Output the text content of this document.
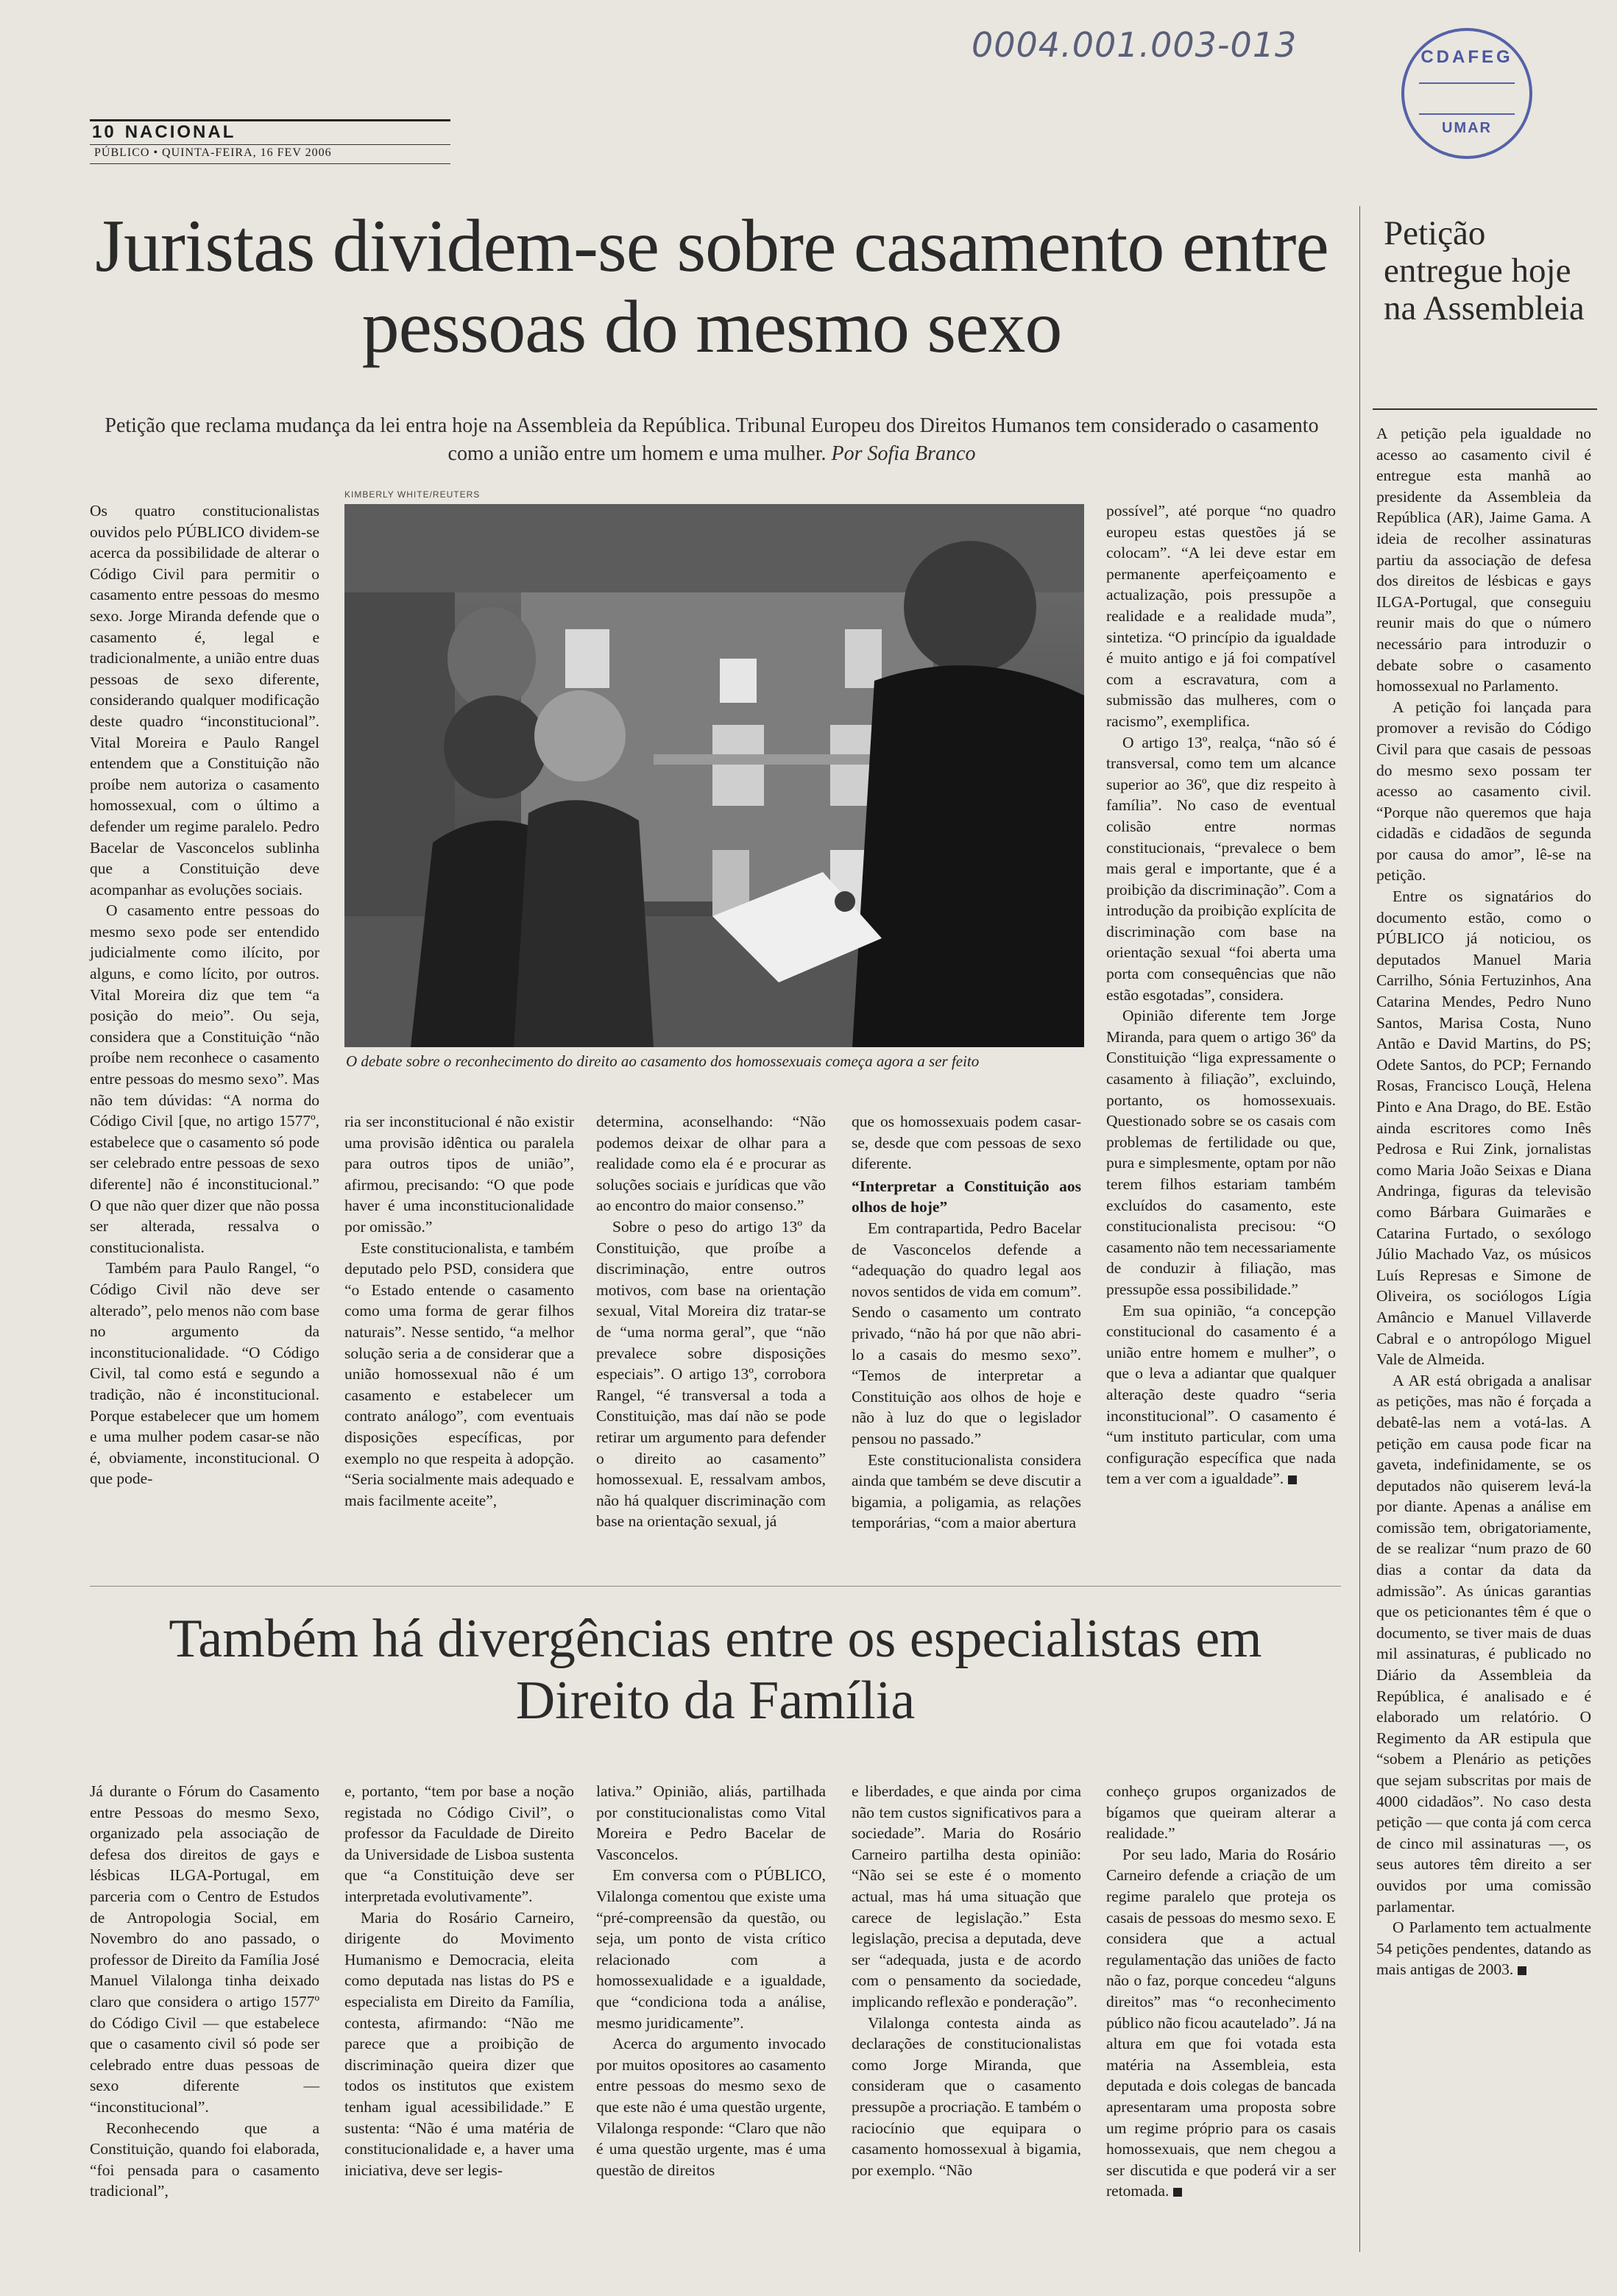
0004.001.003-013	CDAFEG
UMAR
10 NACIONAL
PÚBLICO • QUINTA-FEIRA, 16 FEV 2006
Juristas dividem-se sobre casamento entre pessoas do mesmo sexo
Petição que reclama mudança da lei entra hoje na Assembleia da República. Tribunal Europeu dos Direitos Humanos tem considerado o casamento como a união entre um homem e uma mulher. Por Sofia Branco
KIMBERLY WHITE/REUTERS
O debate sobre o reconhecimento do direito ao casamento dos homossexuais começa agora a ser feito

Os quatro constitucionalistas ouvidos pelo PÚBLICO dividem-se acerca da possibilidade de alterar o Código Civil para permitir o casamento entre pessoas do mesmo sexo. Jorge Miranda defende que o casamento é, legal e tradicionalmente, a união entre duas pessoas de sexo diferente, considerando qualquer modificação deste quadro “inconstitucional”. Vital Moreira e Paulo Rangel entendem que a Constituição não proíbe nem autoriza o casamento homossexual, com o último a defender um regime paralelo. Pedro Bacelar de Vasconcelos sublinha que a Constituição deve acompanhar as evoluções sociais.

O casamento entre pessoas do mesmo sexo pode ser entendido judicialmente como ilícito, por alguns, e como lícito, por outros. Vital Moreira diz que tem “a posição do meio”. Ou seja, considera que a Constituição “não proíbe nem reconhece o casamento entre pessoas do mesmo sexo”. Mas não tem dúvidas: “A norma do Código Civil [que, no artigo 1577º, estabelece que o casamento só pode ser celebrado entre pessoas de sexo diferente] não é inconstitucional.” O que não quer dizer que não possa ser alterada, ressalva o constitucionalista.

Também para Paulo Rangel, “o Código Civil não deve ser alterado”, pelo menos não com base no argumento da inconstitucionalidade. “O Código Civil, tal como está e segundo a tradição, não é inconstitucional. Porque estabelecer que um homem e uma mulher podem casar-se não é, obviamente, inconstitucional. O que pode-

ria ser inconstitucional é não existir uma provisão idêntica ou paralela para outros tipos de união”, afirmou, precisando: “O que pode haver é uma inconstitucionalidade por omissão.”

Este constitucionalista, e também deputado pelo PSD, considera que “o Estado entende o casamento como uma forma de gerar filhos naturais”. Nesse sentido, “a melhor solução seria a de considerar que a união homossexual não é um casamento e estabelecer um contrato análogo”, com eventuais disposições específicas, por exemplo no que respeita à adopção. “Seria socialmente mais adequado e mais facilmente aceite”,

determina, aconselhando: “Não podemos deixar de olhar para a realidade como ela é e procurar as soluções sociais e jurídicas que vão ao encontro do maior consenso.”

Sobre o peso do artigo 13º da Constituição, que proíbe a discriminação, entre outros motivos, com base na orientação sexual, Vital Moreira diz tratar-se de “uma norma geral”, que “não prevalece sobre disposições especiais”. O artigo 13º, corrobora Rangel, “é transversal a toda a Constituição, mas daí não se pode retirar um argumento para defender o direito ao casamento” homossexual. E, ressalvam ambos, não há qualquer discriminação com base na orientação sexual, já

que os homossexuais podem casar-se, desde que com pessoas de sexo diferente.

“Interpretar a Constituição aos olhos de hoje”

Em contrapartida, Pedro Bacelar de Vasconcelos defende a “adequação do quadro legal aos novos sentidos de vida em comum”. Sendo o casamento um contrato privado, “não há por que não abri-lo a casais do mesmo sexo”. “Temos de interpretar a Constituição aos olhos de hoje e não à luz do que o legislador pensou no passado.”

Este constitucionalista considera ainda que também se deve discutir a bigamia, a poligamia, as relações temporárias, “com a maior abertura

possível”, até porque “no quadro europeu estas questões já se colocam”. “A lei deve estar em permanente aperfeiçoamento e actualização, pois pressupõe a realidade e a realidade muda”, sintetiza. “O princípio da igualdade é muito antigo e já foi compatível com a escravatura, com a submissão das mulheres, com o racismo”, exemplifica.

O artigo 13º, realça, “não só é transversal, como tem um alcance superior ao 36º, que diz respeito à família”. No caso de eventual colisão entre normas constitucionais, “prevalece o bem mais geral e importante, que é a proibição da discriminação”. Com a introdução da proibição explícita de discriminação com base na orientação sexual “foi aberta uma porta com consequências que não estão esgotadas”, considera.

Opinião diferente tem Jorge Miranda, para quem o artigo 36º da Constituição “liga expressamente o casamento à filiação”, excluindo, portanto, os homossexuais. Questionado sobre se os casais com problemas de fertilidade ou que, pura e simplesmente, optam por não terem filhos estariam também excluídos do casamento, este constitucionalista precisou: “O casamento não tem necessariamente de conduzir à filiação, mas pressupõe essa possibilidade.”

Em sua opinião, “a concepção constitucional do casamento é a união entre homem e mulher”, o que o leva a adiantar que qualquer alteração deste quadro “seria inconstitucional”. O casamento é “um instituto particular, com uma configuração específica que nada tem a ver com a igualdade”.

Petição entregue hoje na Assembleia

A petição pela igualdade no acesso ao casamento civil é entregue esta manhã ao presidente da Assembleia da República (AR), Jaime Gama. A ideia de recolher assinaturas partiu da associação de defesa dos direitos de lésbicas e gays ILGA-Portugal, que conseguiu reunir mais do que o número necessário para introduzir o debate sobre o casamento homossexual no Parlamento.

A petição foi lançada para promover a revisão do Código Civil para que casais de pessoas do mesmo sexo possam ter acesso ao casamento civil. “Porque não queremos que haja cidadãs e cidadãos de segunda por causa do amor”, lê-se na petição.

Entre os signatários do documento estão, como o PÚBLICO já noticiou, os deputados Manuel Maria Carrilho, Sónia Fertuzinhos, Ana Catarina Mendes, Pedro Nuno Santos, Marisa Costa, Nuno Antão e David Martins, do PS; Odete Santos, do PCP; Fernando Rosas, Francisco Louçã, Helena Pinto e Ana Drago, do BE. Estão ainda escritores como Inês Pedrosa e Rui Zink, jornalistas como Maria João Seixas e Diana Andringa, figuras da televisão como Bárbara Guimarães e Catarina Furtado, o sexólogo Júlio Machado Vaz, os músicos Luís Represas e Simone de Oliveira, os sociólogos Lígia Amâncio e Manuel Villaverde Cabral e o antropólogo Miguel Vale de Almeida.

A AR está obrigada a analisar as petições, mas não é forçada a debatê-las nem a votá-las. A petição em causa pode ficar na gaveta, indefinidamente, se os deputados não quiserem levá-la por diante. Apenas a análise em comissão tem, obrigatoriamente, de se realizar “num prazo de 60 dias a contar da data da admissão”. As únicas garantias que os peticionantes têm é que o documento, se tiver mais de duas mil assinaturas, é publicado no Diário da Assembleia da República, é analisado e é elaborado um relatório. O Regimento da AR estipula que “sobem a Plenário as petições que sejam subscritas por mais de 4000 cidadãos”. No caso desta petição — que conta já com cerca de cinco mil assinaturas —, os seus autores têm direito a ser ouvidos por uma comissão parlamentar.

O Parlamento tem actualmente 54 petições pendentes, datando as mais antigas de 2003.

Também há divergências entre os especialistas em Direito da Família

Já durante o Fórum do Casamento entre Pessoas do mesmo Sexo, organizado pela associação de defesa dos direitos de gays e lésbicas ILGA-Portugal, em parceria com o Centro de Estudos de Antropologia Social, em Novembro do ano passado, o professor de Direito da Família José Manuel Vilalonga tinha deixado claro que considera o artigo 1577º do Código Civil — que estabelece que o casamento civil só pode ser celebrado entre duas pessoas de sexo diferente — “inconstitucional”.

Reconhecendo que a Constituição, quando foi elaborada, “foi pensada para o casamento tradicional”,

e, portanto, “tem por base a noção registada no Código Civil”, o professor da Faculdade de Direito da Universidade de Lisboa sustenta que “a Constituição deve ser interpretada evolutivamente”.

Maria do Rosário Carneiro, dirigente do Movimento Humanismo e Democracia, eleita como deputada nas listas do PS e especialista em Direito da Família, contesta, afirmando: “Não me parece que a proibição de discriminação queira dizer que todos os institutos que existem tenham igual acessibilidade.” E sustenta: “Não é uma matéria de constitucionalidade e, a haver uma iniciativa, deve ser legis-

lativa.” Opinião, aliás, partilhada por constitucionalistas como Vital Moreira e Pedro Bacelar de Vasconcelos.

Em conversa com o PÚBLICO, Vilalonga comentou que existe uma “pré-compreensão da questão, ou seja, um ponto de vista crítico relacionado com a homossexualidade e a igualdade, que “condiciona toda a análise, mesmo juridicamente”.

Acerca do argumento invocado por muitos opositores ao casamento entre pessoas do mesmo sexo de que este não é uma questão urgente, Vilalonga responde: “Claro que não é uma questão urgente, mas é uma questão de direitos

e liberdades, e que ainda por cima não tem custos significativos para a sociedade”. Maria do Rosário Carneiro partilha desta opinião: “Não sei se este é o momento actual, mas há uma situação que carece de legislação.” Esta legislação, precisa a deputada, deve ser “adequada, justa e de acordo com o pensamento da sociedade, implicando reflexão e ponderação”.

Vilalonga contesta ainda as declarações de constitucionalistas como Jorge Miranda, que consideram que o casamento pressupõe a procriação. E também o raciocínio que equipara o casamento homossexual à bigamia, por exemplo. “Não

conheço grupos organizados de bígamos que queiram alterar a realidade.”

Por seu lado, Maria do Rosário Carneiro defende a criação de um regime paralelo que proteja os casais de pessoas do mesmo sexo. E considera que a actual regulamentação das uniões de facto não o faz, porque concedeu “alguns direitos” mas “o reconhecimento público não ficou acautelado”. Já na altura em que foi votada esta matéria na Assembleia, esta deputada e dois colegas de bancada apresentaram uma proposta sobre um regime próprio para os casais homossexuais, que nem chegou a ser discutida e que poderá vir a ser retomada.
